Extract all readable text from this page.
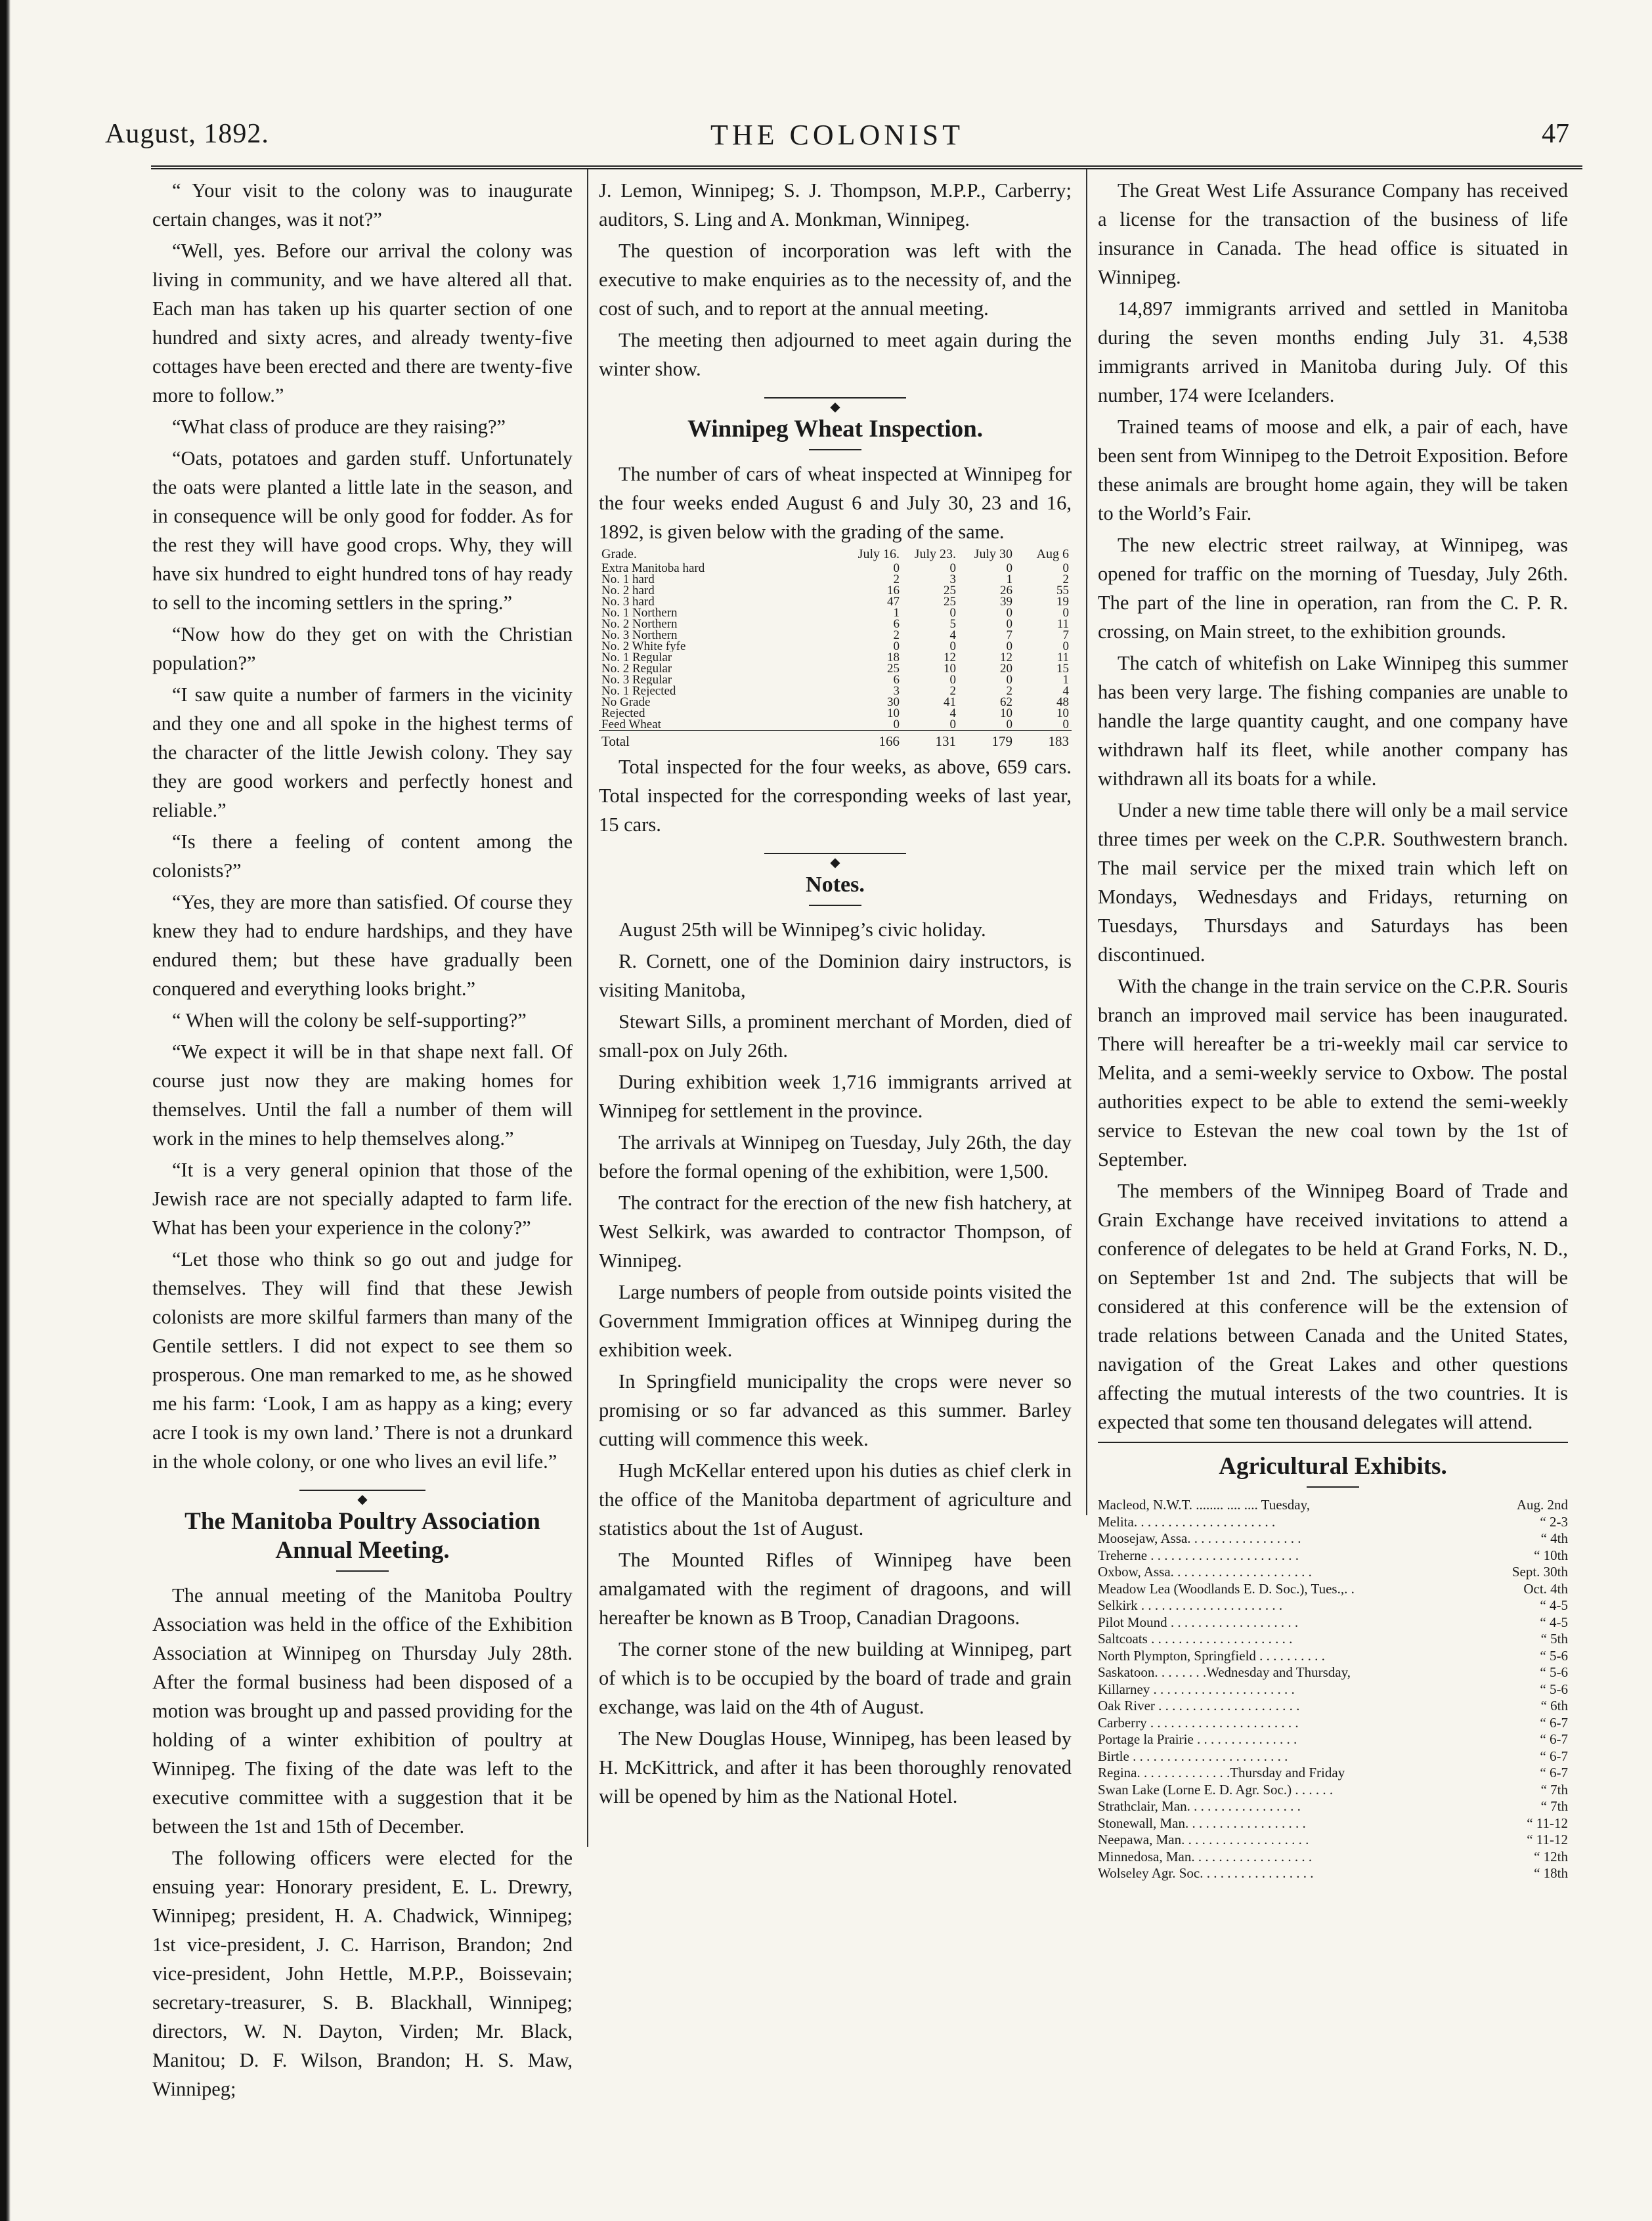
August, 1892.	THE COLONIST	47

“ Your visit to the colony was to inaugurate certain changes, was it not?”

“Well, yes. Before our arrival the colony was living in community, and we have altered all that. Each man has taken up his quarter section of one hundred and sixty acres, and already twenty-five cottages have been erected and there are twenty-five more to follow.”

“What class of produce are they raising?”

“Oats, potatoes and garden stuff. Unfortunately the oats were planted a little late in the season, and in consequence will be only good for fodder. As for the rest they will have good crops. Why, they will have six hundred to eight hundred tons of hay ready to sell to the incoming settlers in the spring.”

“Now how do they get on with the Christian population?”

“I saw quite a number of farmers in the vicinity and they one and all spoke in the highest terms of the character of the little Jewish colony. They say they are good workers and perfectly honest and reliable.”

“Is there a feeling of content among the colonists?”

“Yes, they are more than satisfied. Of course they knew they had to endure hardships, and they have endured them; but these have gradually been conquered and everything looks bright.”

“ When will the colony be self-supporting?”

“We expect it will be in that shape next fall. Of course just now they are making homes for themselves. Until the fall a number of them will work in the mines to help themselves along.”

“It is a very general opinion that those of the Jewish race are not specially adapted to farm life. What has been your experience in the colony?”

“Let those who think so go out and judge for themselves. They will find that these Jewish colonists are more skilful farmers than many of the Gentile settlers. I did not expect to see them so prosperous. One man remarked to me, as he showed me his farm: ‘Look, I am as happy as a king; every acre I took is my own land.’ There is not a drunkard in the whole colony, or one who lives an evil life.”

◆
The Manitoba Poultry Association Annual Meeting.

The annual meeting of the Manitoba Poultry Association was held in the office of the Exhibition Association at Winnipeg on Thursday July 28th. After the formal business had been disposed of a motion was brought up and passed providing for the holding of a winter exhibition of poultry at Winnipeg. The fixing of the date was left to the executive committee with a suggestion that it be between the 1st and 15th of December.

The following officers were elected for the ensuing year: Honorary president, E. L. Drewry, Winnipeg; president, H. A. Chadwick, Winnipeg; 1st vice-president, J. C. Harrison, Brandon; 2nd vice-president, John Hettle, M.P.P., Boissevain; secretary-treasurer, S. B. Blackhall, Winnipeg; directors, W. N. Dayton, Virden; Mr. Black, Manitou; D. F. Wilson, Brandon; H. S. Maw, Winnipeg;

J. Lemon, Winnipeg; S. J. Thompson, M.P.P., Carberry; auditors, S. Ling and A. Monkman, Winnipeg.

The question of incorporation was left with the executive to make enquiries as to the necessity of, and the cost of such, and to report at the annual meeting.

The meeting then adjourned to meet again during the winter show.

◆
Winnipeg Wheat Inspection.

The number of cars of wheat inspected at Winnipeg for the four weeks ended August 6 and July 30, 23 and 16, 1892, is given below with the grading of the same.

Grade.	July 16.	July 23.	July 30	Aug 6
Extra Manitoba hard	0	0	0	0
No. 1 hard	2	3	1	2
No. 2 hard	16	25	26	55
No. 3 hard	47	25	39	19
No. 1 Northern	1	0	0	0
No. 2 Northern	6	5	0	11
No. 3 Northern	2	4	7	7
No. 2 White fyfe	0	0	0	0
No. 1 Regular	18	12	12	11
No. 2 Regular	25	10	20	15
No. 3 Regular	6	0	0	1
No. 1 Rejected	3	2	2	4
No Grade	30	41	62	48
Rejected	10	4	10	10
Feed Wheat	0	0	0	0
Total	166	131	179	183

Total inspected for the four weeks, as above, 659 cars. Total inspected for the corresponding weeks of last year, 15 cars.

◆
Notes.

August 25th will be Winnipeg’s civic holiday.

R. Cornett, one of the Dominion dairy instructors, is visiting Manitoba,

Stewart Sills, a prominent merchant of Morden, died of small-pox on July 26th.

During exhibition week 1,716 immigrants arrived at Winnipeg for settlement in the province.

The arrivals at Winnipeg on Tuesday, July 26th, the day before the formal opening of the exhibition, were 1,500.

The contract for the erection of the new fish hatchery, at West Selkirk, was awarded to contractor Thompson, of Winnipeg.

Large numbers of people from outside points visited the Government Immigration offices at Winnipeg during the exhibition week.

In Springfield municipality the crops were never so promising or so far advanced as this summer. Barley cutting will commence this week.

Hugh McKellar entered upon his duties as chief clerk in the office of the Manitoba department of agriculture and statistics about the 1st of August.

The Mounted Rifles of Winnipeg have been amalgamated with the regiment of dragoons, and will hereafter be known as B Troop, Canadian Dragoons.

The corner stone of the new building at Winnipeg, part of which is to be occupied by the board of trade and grain exchange, was laid on the 4th of August.

The New Douglas House, Winnipeg, has been leased by H. McKittrick, and after it has been thoroughly renovated will be opened by him as the National Hotel.

The Great West Life Assurance Company has received a license for the transaction of the business of life insurance in Canada. The head office is situated in Winnipeg.

14,897 immigrants arrived and settled in Manitoba during the seven months ending July 31. 4,538 immigrants arrived in Manitoba during July. Of this number, 174 were Icelanders.

Trained teams of moose and elk, a pair of each, have been sent from Winnipeg to the Detroit Exposition. Before these animals are brought home again, they will be taken to the World’s Fair.

The new electric street railway, at Winnipeg, was opened for traffic on the morning of Tuesday, July 26th. The part of the line in operation, ran from the C. P. R. crossing, on Main street, to the exhibition grounds.

The catch of whitefish on Lake Winnipeg this summer has been very large. The fishing companies are unable to handle the large quantity caught, and one company have withdrawn half its fleet, while another company has withdrawn all its boats for a while.

Under a new time table there will only be a mail service three times per week on the C.P.R. Southwestern branch. The mail service per the mixed train which left on Mondays, Wednesdays and Fridays, returning on Tuesdays, Thursdays and Saturdays has been discontinued.

With the change in the train service on the C.P.R. Souris branch an improved mail service has been inaugurated. There will hereafter be a tri-weekly mail car service to Melita, and a semi-weekly service to Oxbow. The postal authorities expect to be able to extend the semi-weekly service to Estevan the new coal town by the 1st of September.

The members of the Winnipeg Board of Trade and Grain Exchange have received invitations to attend a conference of delegates to be held at Grand Forks, N. D., on September 1st and 2nd. The subjects that will be considered at this conference will be the extension of trade relations between Canada and the United States, navigation of the Great Lakes and other questions affecting the mutual interests of the two countries. It is expected that some ten thousand delegates will attend.

Agricultural Exhibits.
Macleod, N.W.T. ........ .... .... Tuesday,	Aug. 2nd
Melita. . . . . . . . . . . . . . . . . . . . .	“ 2-3
Moosejaw, Assa. . . . . . . . . . . . . . . . .	“ 4th
Treherne . . . . . . . . . . . . . . . . . . . . . .	“ 10th
Oxbow, Assa. . . . . . . . . . . . . . . . . . . . .	Sept. 30th
Meadow Lea (Woodlands E. D. Soc.), Tues.,. .	Oct. 4th
Selkirk . . . . . . . . . . . . . . . . . . . . .	“ 4-5
Pilot Mound . . . . . . . . . . . . . . . . . . .	“ 4-5
Saltcoats . . . . . . . . . . . . . . . . . . . . .	“ 5th
North Plympton, Springfield . . . . . . . . . .	“ 5-6
Saskatoon. . . . . . . .Wednesday and Thursday,	“ 5-6
Killarney . . . . . . . . . . . . . . . . . . . . .	“ 5-6
Oak River . . . . . . . . . . . . . . . . . . . . .	“ 6th
Carberry . . . . . . . . . . . . . . . . . . . . . .	“ 6-7
Portage la Prairie . . . . . . . . . . . . . . .	“ 6-7
Birtle . . . . . . . . . . . . . . . . . . . . . . .	“ 6-7
Regina. . . . . . . . . . . . . .Thursday and Friday	“ 6-7
Swan Lake (Lorne E. D. Agr. Soc.) . . . . . .	“ 7th
Strathclair, Man. . . . . . . . . . . . . . . . .	“ 7th
Stonewall, Man. . . . . . . . . . . . . . . . . .	“ 11-12
Neepawa, Man. . . . . . . . . . . . . . . . . . .	“ 11-12
Minnedosa, Man. . . . . . . . . . . . . . . . . .	“ 12th
Wolseley Agr. Soc. . . . . . . . . . . . . . . . .	“ 18th
